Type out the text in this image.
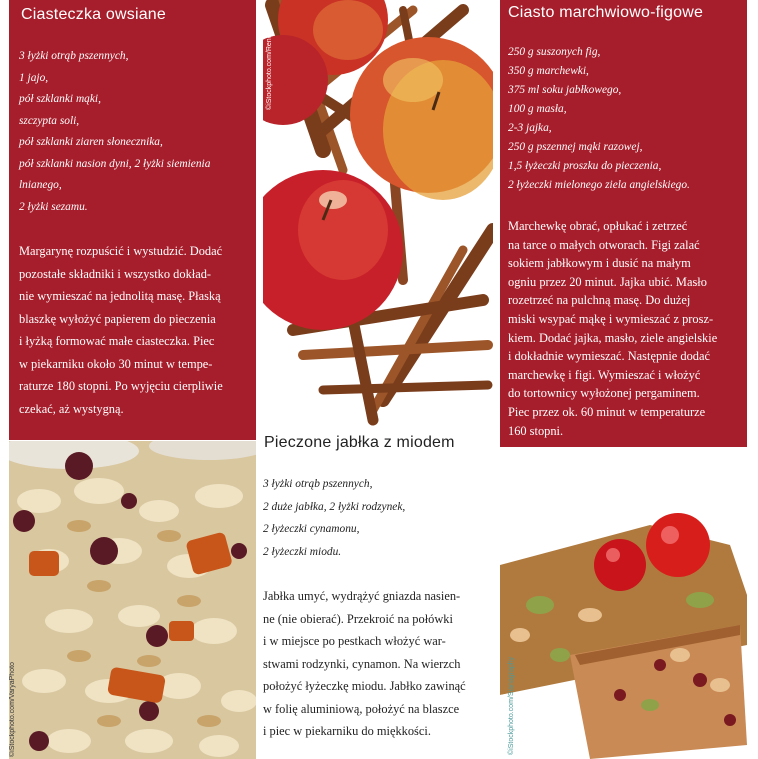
Ciasteczka owsiane
3 łyżki otrąb pszennych,
1 jajo,
pół szklanki mąki,
szczypta soli,
pół szklanki ziaren słonecznika,
pół szklanki nasion dyni, 2 łyżki siemienia
lnianego,
2 łyżki sezamu.
Margarynę rozpuścić i wystudzić. Dodać
pozostałe składniki i wszystko dokład-
nie wymieszać na jednolitą masę. Płaską
blaszkę wyłożyć papierem do pieczenia
i łyżką formować małe ciasteczka. Piec
w piekarniku około 30 minut w tempe-
raturze 180 stopni. Po wyjęciu cierpliwie
czekać, aż wystygną.
©iStockphoto.com/Reno12
Ciasto marchwiowo-figowe
250 g suszonych fig,
350 g marchewki,
375 ml soku jabłkowego,
100 g masła,
2-3 jajka,
250 g pszennej mąki razowej,
1,5 łyżeczki proszku do pieczenia,
2 łyżeczki mielonego ziela angielskiego.
Marchewkę obrać, opłukać i zetrzeć
na tarce o małych otworach. Figi zalać
sokiem jabłkowym i dusić na małym
ogniu przez 20 minut. Jajka ubić. Masło
rozetrzeć na pulchną masę. Do dużej
miski wsypać mąkę i wymieszać z prosz-
kiem. Dodać jajka, masło, ziele angielskie
i dokładnie wymieszać. Następnie dodać
marchewkę i figi. Wymieszać i włożyć
do tortownicy wyłożonej pergaminem.
Piec przez ok. 60 minut w temperaturze
160 stopni.
©iStockphoto.com/VaryaPhoto
Pieczone jabłka z miodem
3 łyżki otrąb pszennych,
2 duże jabłka, 2 łyżki rodzynek,
2 łyżeczki cynamonu,
2 łyżeczki miodu.
Jabłka umyć, wydrążyć gniazda nasien-
ne (nie obierać). Przekroić na połówki
i w miejsce po pestkach włożyć war-
stwami rodzynki, cynamon. Na wierzch
położyć łyżeczkę miodu. Jabłko zawinąć
w folię aluminiową, położyć na blaszce
i piec w piekarniku do miękkości.	©iStockphoto.com/Sianagraphy
